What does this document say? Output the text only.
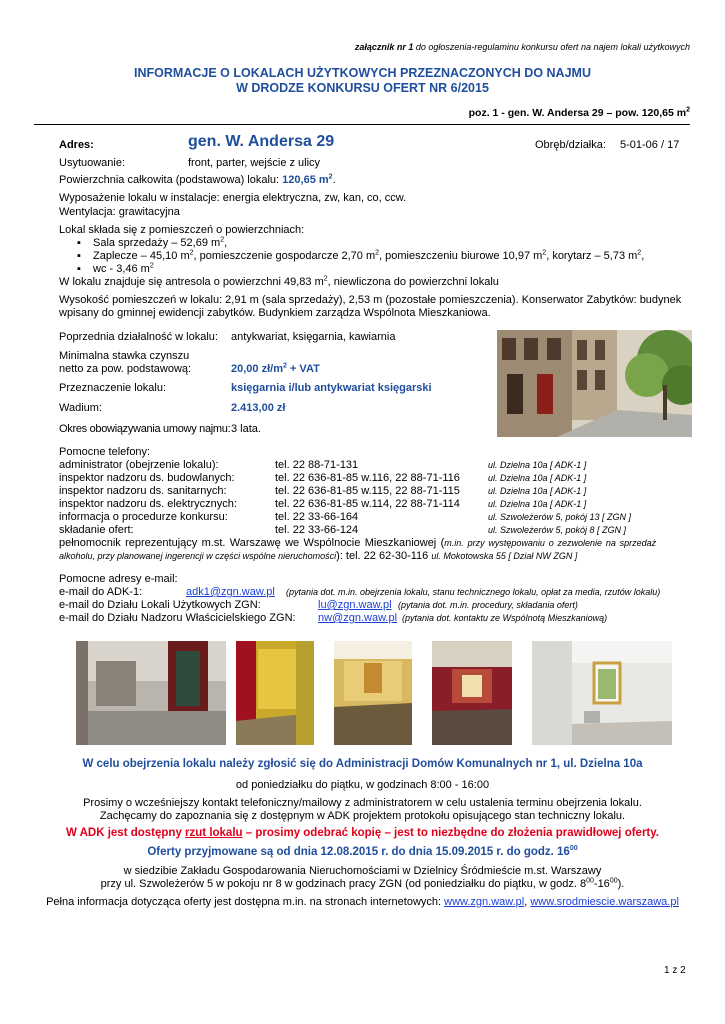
załącznik nr 1 do ogłoszenia-regulaminu konkursu ofert na najem lokali użytkowych
INFORMACJE O LOKALACH UŻYTKOWYCH PRZEZNACZONYCH DO NAJMU
W DRODZE KONKURSU OFERT NR 6/2015
poz. 1 - gen. W. Andersa 29 – pow. 120,65 $m^2$
Adres:	gen. W. Andersa 29	Obręb/działka: 5-01-06 / 17
Usytuowanie:	front, parter, wejście z ulicy
Powierzchnia całkowita (podstawowa) lokalu: 120,65 $m^2$.
Wyposażenie lokalu w instalacje: energia elektryczna, zw, kan, co, ccw.
Wentylacja: grawitacyjna
Lokal składa się z pomieszczeń o powierzchniach:
▪ Sala sprzedaży – 52,69 $m^2$,
▪ Zaplecze – 45,10 $m^2$, pomieszczenie gospodarcze 2,70 $m^2$, pomieszczeniu biurowe 10,97 $m^2$, korytarz – 5,73 $m^2$,
▪ wc - 3,46 $m^2$
W lokalu znajduje się antresola o powierzchni 49,83 $m^2$, niewliczona do powierzchni lokalu
Wysokość pomieszczeń w lokalu: 2,91 m (sala sprzedaży), 2,53 m (pozostałe pomieszczenia). Konserwator Zabytków: budynek
wpisany do gminnej ewidencji zabytków. Budynkiem zarządza Wspólnota Mieszkaniowa.
Poprzednia działalność w lokalu: antykwariat, księgarnia, kawiarnia
Minimalna stawka czynszu
netto za pow. podstawową:	20,00 $zł/m^2$ + VAT
Przeznaczenie lokalu:	księgarnia i/lub antykwariat księgarski
Wadium:	2.413,00 zł
Okres obowiązywania umowy najmu: 3 lata.
Pomocne telefony:
administrator (obejrzenie lokalu):	tel. 22 88-71-131	ul. Dzielna 10a [ ADK-1 ]
inspektor nadzoru ds. budowlanych:	tel. 22 636-81-85 w.116, 22 88-71-116	ul. Dzielna 10a [ ADK-1 ]
inspektor nadzoru ds. sanitarnych:	tel. 22 636-81-85 w.115, 22 88-71-115	ul. Dzielna 10a [ ADK-1 ]
inspektor nadzoru ds. elektrycznych:	tel. 22 636-81-85 w.114, 22 88-71-114	ul. Dzielna 10a [ ADK-1 ]
informacja o procedurze konkursu:	tel. 22 33-66-164	ul. Szwoleżerów 5, pokój 13 [ ZGN ]
składanie ofert:	tel. 22 33-66-124	ul. Szwoleżerów 5, pokój 8 [ ZGN ]
pełnomocnik reprezentujący m.st. Warszawę we Wspólnocie Mieszkaniowej (m.in. przy występowaniu o zezwolenie na sprzedaż
alkoholu, przy planowanej ingerencji w części wspólne nieruchomości): tel. 22 62-30-116 ul. Mokotowska 55 [ Dział NW ZGN ]
Pomocne adresy e-mail:
e-mail do ADK-1:	adk1@zgn.waw.pl (pytania dot. m.in. obejrzenia lokalu, stanu technicznego lokalu, opłat za media, rzutów lokalu)
e-mail do Działu Lokali Użytkowych ZGN:	lu@zgn.waw.pl (pytania dot. m.in. procedury, składania ofert)
e-mail do Działu Nadzoru Właścicielskiego ZGN: nw@zgn.waw.pl (pytania dot. kontaktu ze Wspólnotą Mieszkaniową)
W celu obejrzenia lokalu należy zgłosić się do Administracji Domów Komunalnych nr 1, ul. Dzielna 10a
od poniedziałku do piątku, w godzinach 8:00 - 16:00
Prosimy o wcześniejszy kontakt telefoniczny/mailowy z administratorem w celu ustalenia terminu obejrzenia lokalu.
Zachęcamy do zapoznania się z dostępnym w ADK projektem protokołu opisującego stan techniczny lokalu.
W ADK jest dostępny rzut lokalu – prosimy odebrać kopię – jest to niezbędne do złożenia prawidłowej oferty.
Oferty przyjmowane są od dnia 12.08.2015 r. do dnia 15.09.2015 r. do godz. $16^{00}$
w siedzibie Zakładu Gospodarowania Nieruchomościami w Dzielnicy Śródmieście m.st. Warszawy
przy ul. Szwoleżerów 5 w pokoju nr 8 w godzinach pracy ZGN (od poniedziałku do piątku, w godz. $8^{00}-16^{00}$).
Pełna informacja dotycząca oferty jest dostępna m.in. na stronach internetowych: www.zgn.waw.pl, www.srodmiescie.warszawa.pl
1 z 2
